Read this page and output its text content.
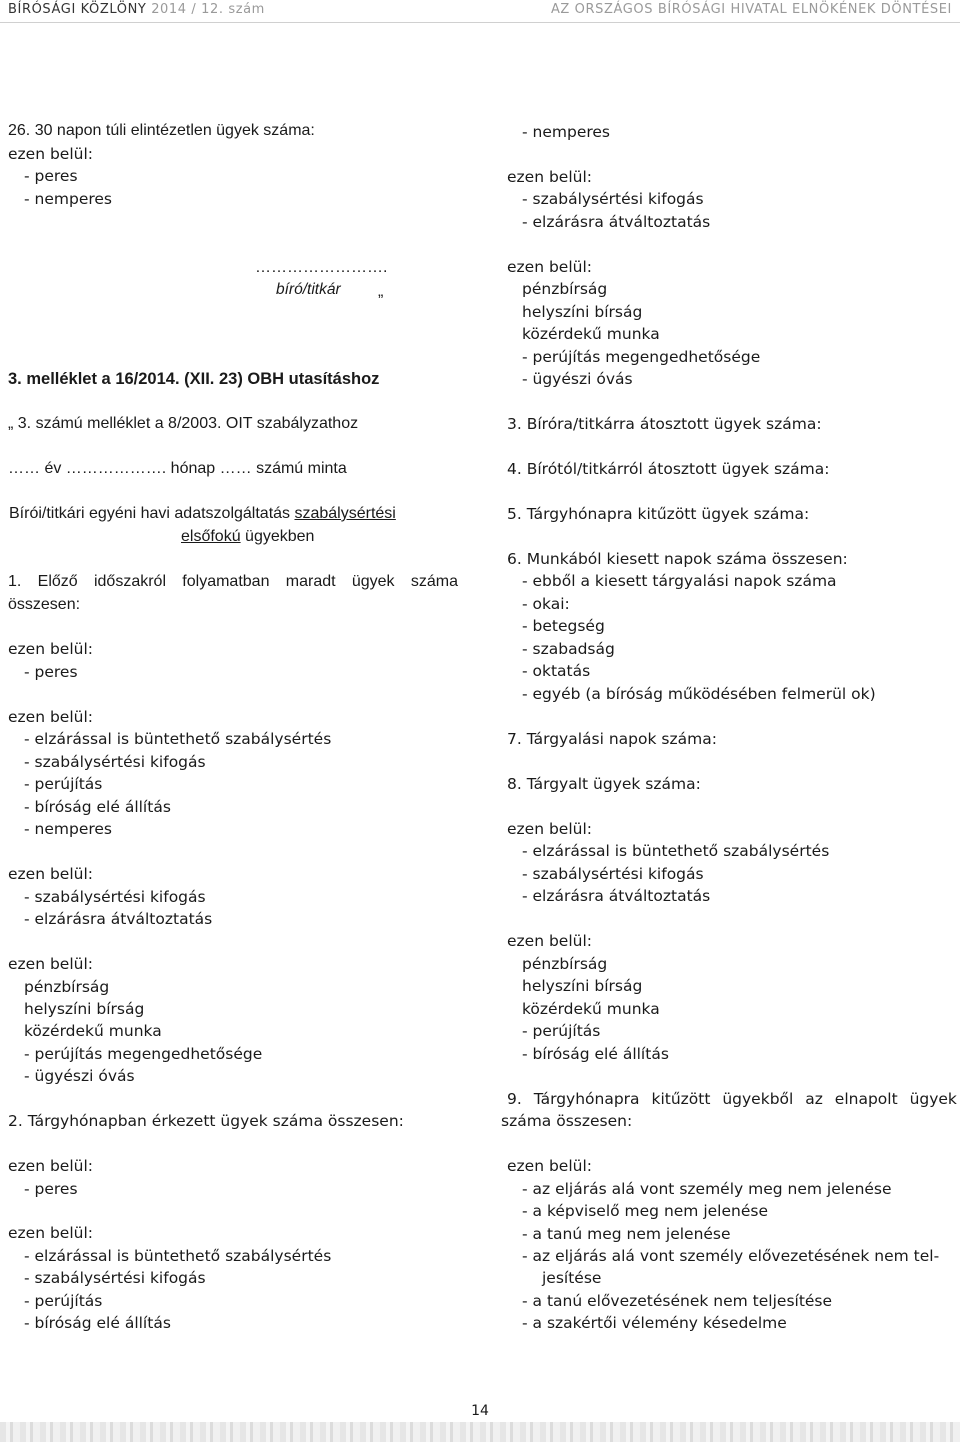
BÍRÓSÁGI KÖZLÖNY 2014 / 12. szám	AZ ORSZÁGOS BÍRÓSÁGI HIVATAL ELNÖKÉNEK DÖNTÉSEI
26. 30 napon túli elintézetlen ügyek száma:
ezen belül:
- peres
- nemperes
…………………….
bíró/titkár „
3. melléklet a 16/2014. (XII. 23) OBH utasításhoz
„ 3. számú melléklet a 8/2003. OIT szabályzathoz
…… év ………………. hónap …… számú minta
Bírói/titkári egyéni havi adatszolgáltatás szabálysértési
elsőfokú ügyekben
1. Előző időszakról folyamatban maradt ügyek száma
összesen:
ezen belül:
- peres
ezen belül:
- elzárással is büntethető szabálysértés
- szabálysértési kifogás
- perújítás
- bíróság elé állítás
- nemperes
ezen belül:
- szabálysértési kifogás
- elzárásra átváltoztatás
ezen belül:
pénzbírság
helyszíni bírság
közérdekű munka
- perújítás megengedhetősége
- ügyészi óvás
2. Tárgyhónapban érkezett ügyek száma összesen:
ezen belül:
- peres
ezen belül:
- elzárással is büntethető szabálysértés
- szabálysértési kifogás
- perújítás
- bíróság elé állítás
- nemperes
ezen belül:
- szabálysértési kifogás
- elzárásra átváltoztatás
ezen belül:
pénzbírság
helyszíni bírság
közérdekű munka
- perújítás megengedhetősége
- ügyészi óvás
3. Bíróra/titkárra átosztott ügyek száma:
4. Bírótól/titkárról átosztott ügyek száma:
5. Tárgyhónapra kitűzött ügyek száma:
6. Munkából kiesett napok száma összesen:
- ebből a kiesett tárgyalási napok száma
- okai:
- betegség
- szabadság
- oktatás
- egyéb (a bíróság működésében felmerül ok)
7. Tárgyalási napok száma:
8. Tárgyalt ügyek száma:
ezen belül:
- elzárással is büntethető szabálysértés
- szabálysértési kifogás
- elzárásra átváltoztatás
ezen belül:
pénzbírság
helyszíni bírság
közérdekű munka
- perújítás
- bíróság elé állítás
9. Tárgyhónapra kitűzött ügyekből az elnapolt ügyek
száma összesen:
ezen belül:
- az eljárás alá vont személy meg nem jelenése
- a képviselő meg nem jelenése
- a tanú meg nem jelenése
- az eljárás alá vont személy elővezetésének nem tel-
jesítése
- a tanú elővezetésének nem teljesítése
- a szakértői vélemény késedelme
14
